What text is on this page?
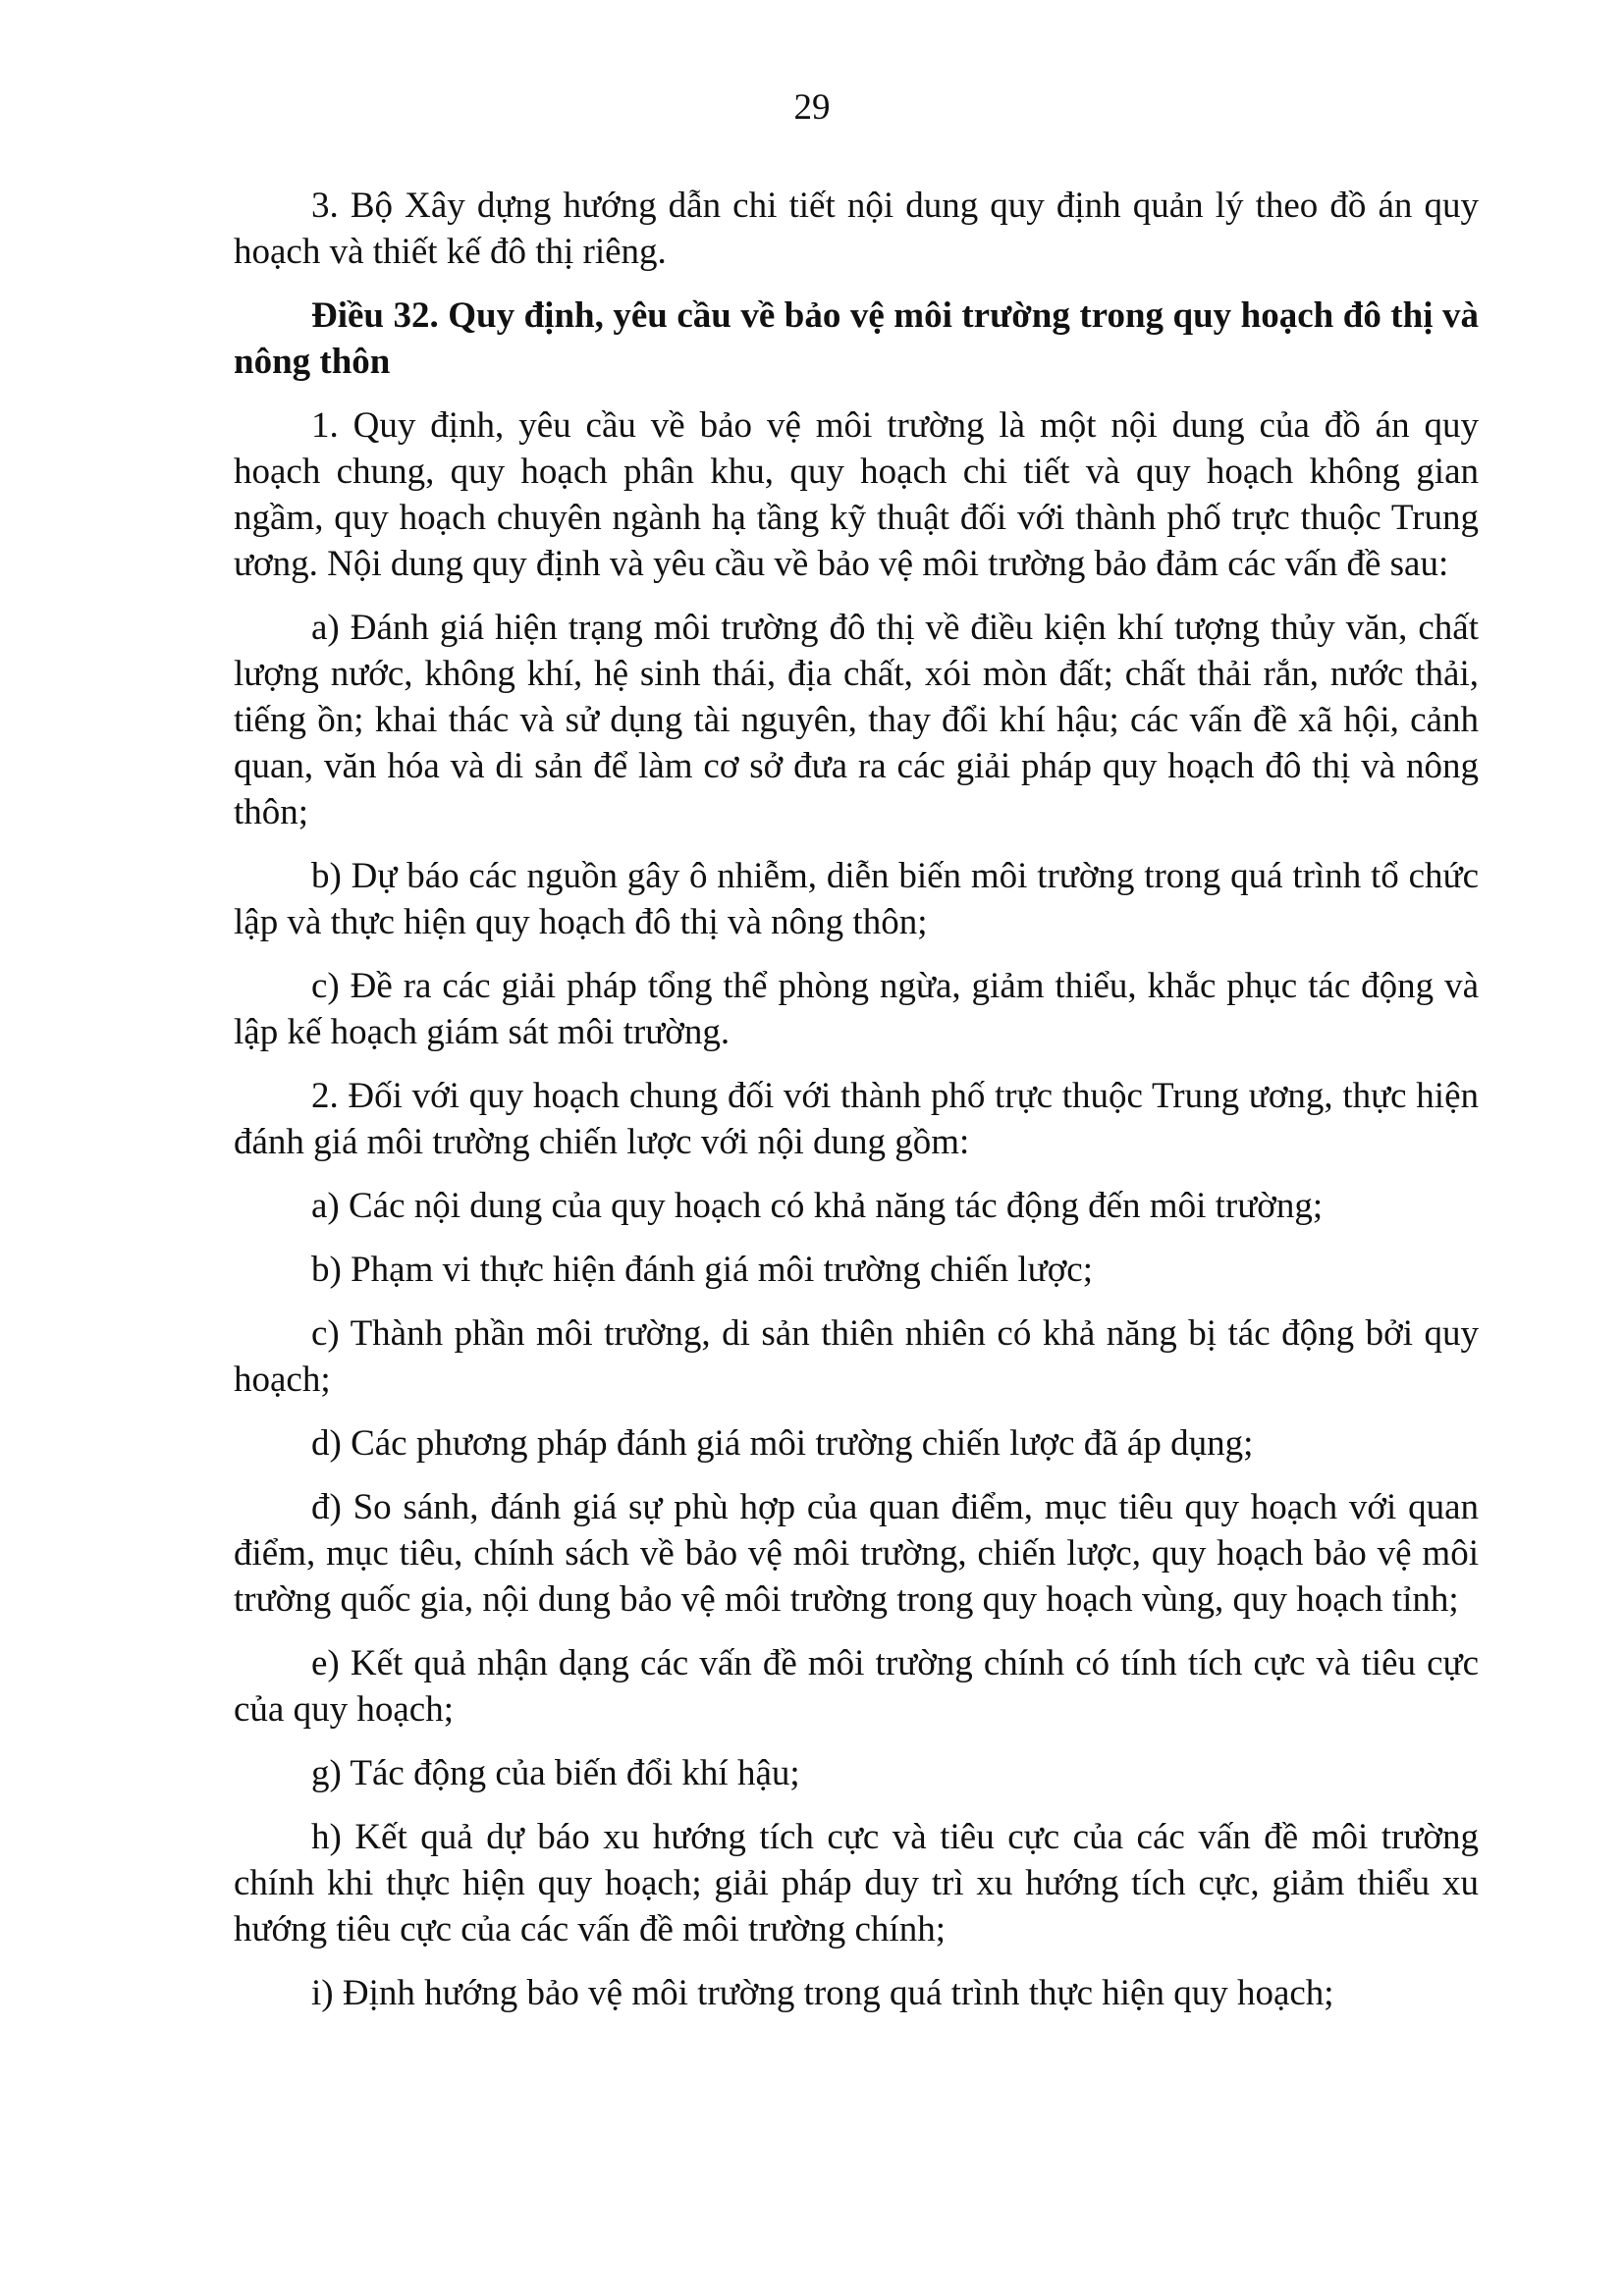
29

3. Bộ Xây dựng hướng dẫn chi tiết nội dung quy định quản lý theo đồ án quy hoạch và thiết kế đô thị riêng.

Điều 32. Quy định, yêu cầu về bảo vệ môi trường trong quy hoạch đô thị và nông thôn

1. Quy định, yêu cầu về bảo vệ môi trường là một nội dung của đồ án quy hoạch chung, quy hoạch phân khu, quy hoạch chi tiết và quy hoạch không gian ngầm, quy hoạch chuyên ngành hạ tầng kỹ thuật đối với thành phố trực thuộc Trung ương. Nội dung quy định và yêu cầu về bảo vệ môi trường bảo đảm các vấn đề sau:

a) Đánh giá hiện trạng môi trường đô thị về điều kiện khí tượng thủy văn, chất lượng nước, không khí, hệ sinh thái, địa chất, xói mòn đất; chất thải rắn, nước thải, tiếng ồn; khai thác và sử dụng tài nguyên, thay đổi khí hậu; các vấn đề xã hội, cảnh quan, văn hóa và di sản để làm cơ sở đưa ra các giải pháp quy hoạch đô thị và nông thôn;

b) Dự báo các nguồn gây ô nhiễm, diễn biến môi trường trong quá trình tổ chức lập và thực hiện quy hoạch đô thị và nông thôn;

c) Đề ra các giải pháp tổng thể phòng ngừa, giảm thiểu, khắc phục tác động và lập kế hoạch giám sát môi trường.

2. Đối với quy hoạch chung đối với thành phố trực thuộc Trung ương, thực hiện đánh giá môi trường chiến lược với nội dung gồm:

a) Các nội dung của quy hoạch có khả năng tác động đến môi trường;

b) Phạm vi thực hiện đánh giá môi trường chiến lược;

c) Thành phần môi trường, di sản thiên nhiên có khả năng bị tác động bởi quy hoạch;

d) Các phương pháp đánh giá môi trường chiến lược đã áp dụng;

đ) So sánh, đánh giá sự phù hợp của quan điểm, mục tiêu quy hoạch với quan điểm, mục tiêu, chính sách về bảo vệ môi trường, chiến lược, quy hoạch bảo vệ môi trường quốc gia, nội dung bảo vệ môi trường trong quy hoạch vùng, quy hoạch tỉnh;

e) Kết quả nhận dạng các vấn đề môi trường chính có tính tích cực và tiêu cực của quy hoạch;

g) Tác động của biến đổi khí hậu;

h) Kết quả dự báo xu hướng tích cực và tiêu cực của các vấn đề môi trường chính khi thực hiện quy hoạch; giải pháp duy trì xu hướng tích cực, giảm thiểu xu hướng tiêu cực của các vấn đề môi trường chính;

i) Định hướng bảo vệ môi trường trong quá trình thực hiện quy hoạch;
